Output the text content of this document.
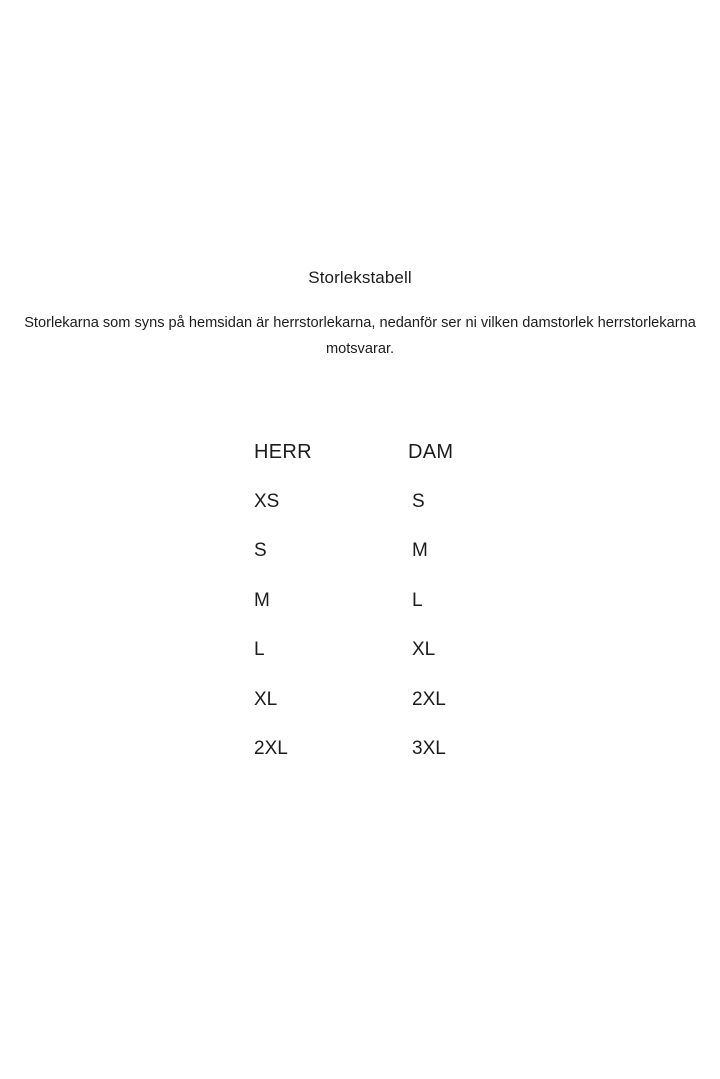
Storlekstabell
Storlekarna som syns på hemsidan är herrstorlekarna, nedanför ser ni vilken damstorlek herrstorlekarna motsvarar.
HERR	DAM
XS	S
S	M
M	L
L	XL
XL	2XL
2XL	3XL
